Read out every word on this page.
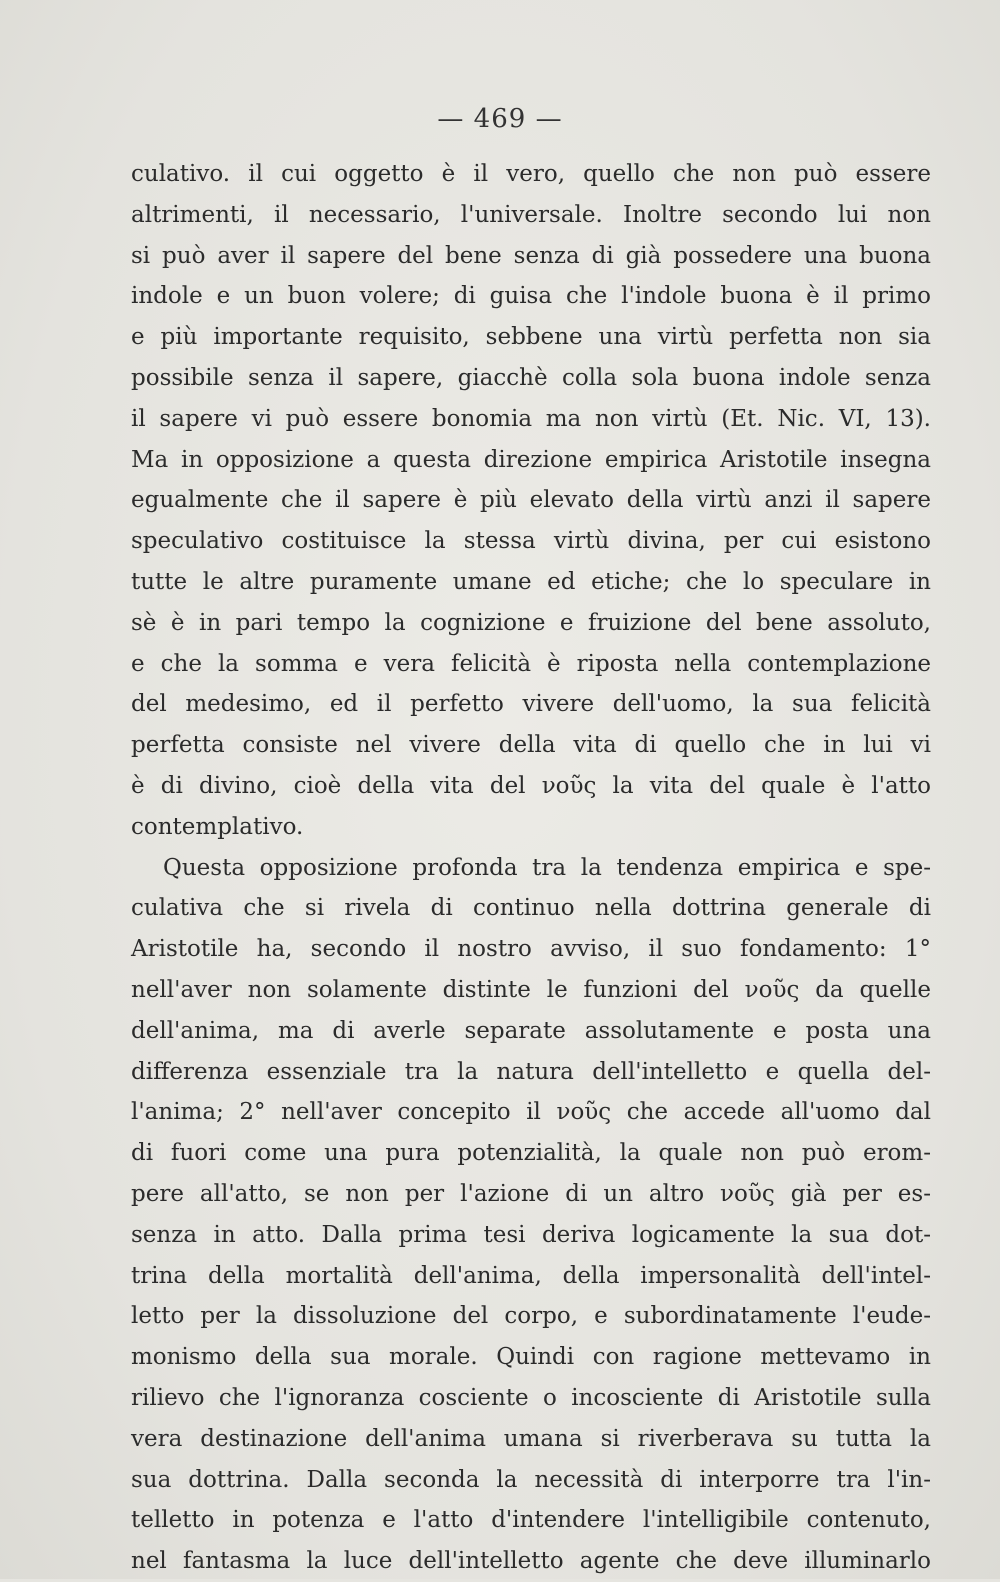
— 469 —
culativo. il cui oggetto è il vero, quello che non può essere
altrimenti, il necessario, l'universale. Inoltre secondo lui non
si può aver il sapere del bene senza di già possedere una buona
indole e un buon volere; di guisa che l'indole buona è il primo
e più importante requisito, sebbene una virtù perfetta non sia
possibile senza il sapere, giacchè colla sola buona indole senza
il sapere vi può essere bonomia ma non virtù (Et. Nic. VI, 13).
Ma in opposizione a questa direzione empirica Aristotile insegna
egualmente che il sapere è più elevato della virtù anzi il sapere
speculativo costituisce la stessa virtù divina, per cui esistono
tutte le altre puramente umane ed etiche; che lo speculare in
sè è in pari tempo la cognizione e fruizione del bene assoluto,
e che la somma e vera felicità è riposta nella contemplazione
del medesimo, ed il perfetto vivere dell'uomo, la sua felicità
perfetta consiste nel vivere della vita di quello che in lui vi
è di divino, cioè della vita del νοῦς la vita del quale è l'atto
contemplativo.
Questa opposizione profonda tra la tendenza empirica e spe-
culativa che si rivela di continuo nella dottrina generale di
Aristotile ha, secondo il nostro avviso, il suo fondamento: 1°
nell'aver non solamente distinte le funzioni del νοῦς da quelle
dell'anima, ma di averle separate assolutamente e posta una
differenza essenziale tra la natura dell'intelletto e quella del-
l'anima; 2° nell'aver concepito il νοῦς che accede all'uomo dal
di fuori come una pura potenzialità, la quale non può erom-
pere all'atto, se non per l'azione di un altro νοῦς già per es-
senza in atto. Dalla prima tesi deriva logicamente la sua dot-
trina della mortalità dell'anima, della impersonalità dell'intel-
letto per la dissoluzione del corpo, e subordinatamente l'eude-
monismo della sua morale. Quindi con ragione mettevamo in
rilievo che l'ignoranza cosciente o incosciente di Aristotile sulla
vera destinazione dell'anima umana si riverberava su tutta la
sua dottrina. Dalla seconda la necessità di interporre tra l'in-
telletto in potenza e l'atto d'intendere l'intelligibile contenuto,
nel fantasma la luce dell'intelletto agente che deve illuminarlo
